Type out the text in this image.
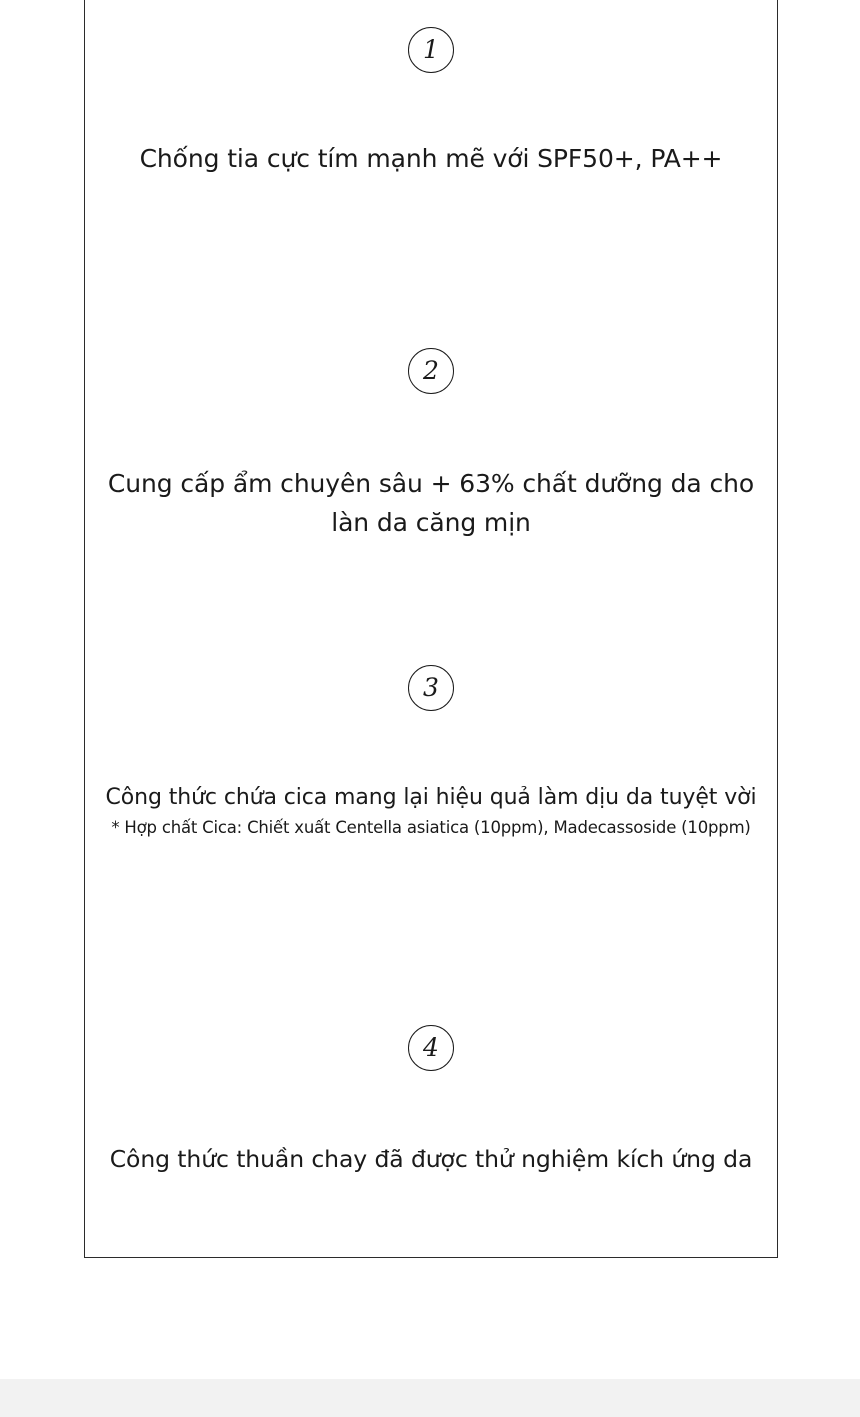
1

Chống tia cực tím mạnh mẽ với SPF50+, PA++

2

Cung cấp ẩm chuyên sâu + 63% chất dưỡng da cho làn da căng mịn

3

Công thức chứa cica mang lại hiệu quả làm dịu da tuyệt vời

* Hợp chất Cica: Chiết xuất Centella asiatica (10ppm), Madecassoside (10ppm)

4

Công thức thuần chay đã được thử nghiệm kích ứng da
